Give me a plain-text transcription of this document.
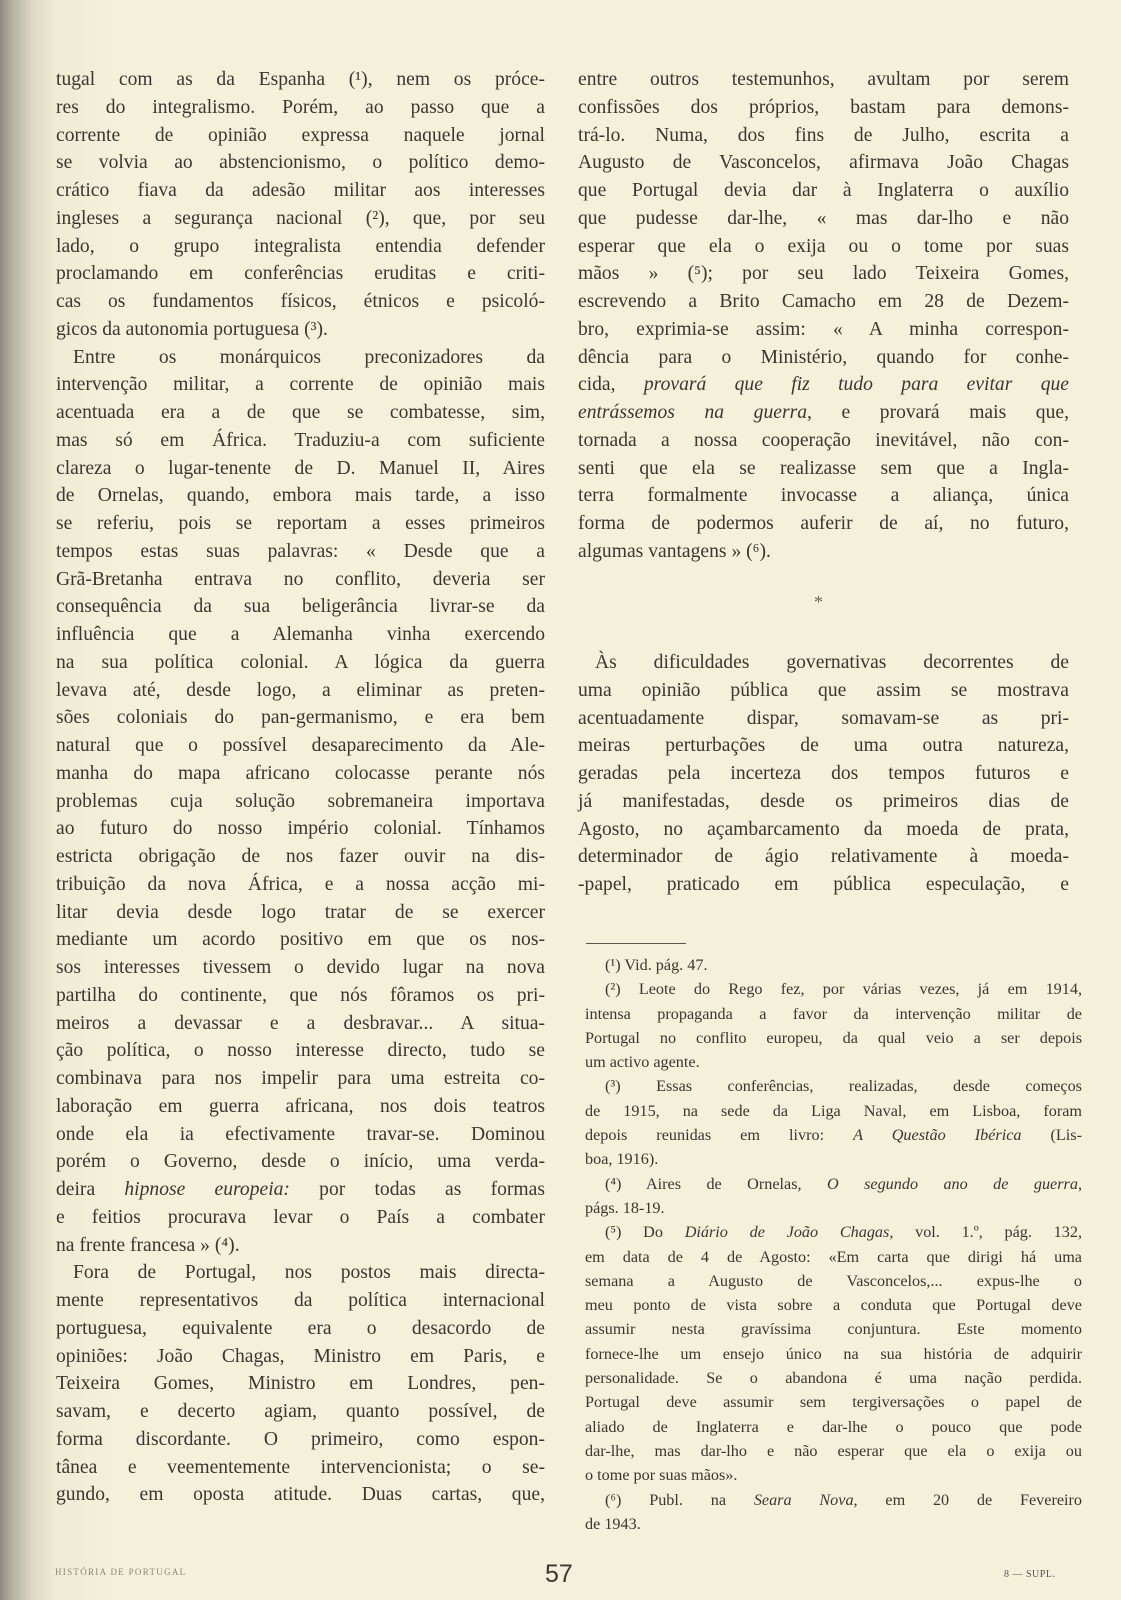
tugal com as da Espanha (¹), nem os próce-
res do integralismo. Porém, ao passo que a
corrente de opinião expressa naquele jornal
se volvia ao abstencionismo, o político demo-
crático fiava da adesão militar aos interesses
ingleses a segurança nacional (²), que, por seu
lado, o grupo integralista entendia defender
proclamando em conferências eruditas e criti-
cas os fundamentos físicos, étnicos e psicoló-
gicos da autonomia portuguesa (³).
Entre os monárquicos preconizadores da
intervenção militar, a corrente de opinião mais
acentuada era a de que se combatesse, sim,
mas só em África. Traduziu-a com suficiente
clareza o lugar-tenente de D. Manuel II, Aires
de Ornelas, quando, embora mais tarde, a isso
se referiu, pois se reportam a esses primeiros
tempos estas suas palavras: « Desde que a
Grã-Bretanha entrava no conflito, deveria ser
consequência da sua beligerância livrar-se da
influência que a Alemanha vinha exercendo
na sua política colonial. A lógica da guerra
levava até, desde logo, a eliminar as preten-
sões coloniais do pan-germanismo, e era bem
natural que o possível desaparecimento da Ale-
manha do mapa africano colocasse perante nós
problemas cuja solução sobremaneira importava
ao futuro do nosso império colonial. Tínhamos
estricta obrigação de nos fazer ouvir na dis-
tribuição da nova África, e a nossa acção mi-
litar devia desde logo tratar de se exercer
mediante um acordo positivo em que os nos-
sos interesses tivessem o devido lugar na nova
partilha do continente, que nós fôramos os pri-
meiros a devassar e a desbravar... A situa-
ção política, o nosso interesse directo, tudo se
combinava para nos impelir para uma estreita co-
laboração em guerra africana, nos dois teatros
onde ela ia efectivamente travar-se. Dominou
porém o Governo, desde o início, uma verda-
deira hipnose europeia: por todas as formas
e feitios procurava levar o País a combater
na frente francesa » (⁴).
Fora de Portugal, nos postos mais directa-
mente representativos da política internacional
portuguesa, equivalente era o desacordo de
opiniões: João Chagas, Ministro em Paris, e
Teixeira Gomes, Ministro em Londres, pen-
savam, e decerto agiam, quanto possível, de
forma discordante. O primeiro, como espon-
tânea e veementemente intervencionista; o se-
gundo, em oposta atitude. Duas cartas, que,
entre outros testemunhos, avultam por serem
confissões dos próprios, bastam para demons-
trá-lo. Numa, dos fins de Julho, escrita a
Augusto de Vasconcelos, afirmava João Chagas
que Portugal devia dar à Inglaterra o auxílio
que pudesse dar-lhe, « mas dar-lho e não
esperar que ela o exija ou o tome por suas
mãos » (⁵); por seu lado Teixeira Gomes,
escrevendo a Brito Camacho em 28 de Dezem-
bro, exprimia-se assim: « A minha correspon-
dência para o Ministério, quando for conhe-
cida, provará que fiz tudo para evitar que
entrássemos na guerra, e provará mais que,
tornada a nossa cooperação inevitável, não con-
senti que ela se realizasse sem que a Ingla-
terra formalmente invocasse a aliança, única
forma de podermos auferir de aí, no futuro,
algumas vantagens » (⁶).
*
Às dificuldades governativas decorrentes de
uma opinião pública que assim se mostrava
acentuadamente dispar, somavam-se as pri-
meiras perturbações de uma outra natureza,
geradas pela incerteza dos tempos futuros e
já manifestadas, desde os primeiros dias de
Agosto, no açambarcamento da moeda de prata,
determinador de ágio relativamente à moeda-
-papel, praticado em pública especulação, e
(¹) Vid. pág. 47.
(²) Leote do Rego fez, por várias vezes, já em 1914,
intensa propaganda a favor da intervenção militar de
Portugal no conflito europeu, da qual veio a ser depois
um activo agente.
(³) Essas conferências, realizadas, desde começos
de 1915, na sede da Liga Naval, em Lisboa, foram
depois reunidas em livro: A Questão Ibérica (Lis-
boa, 1916).
(⁴) Aires de Ornelas, O segundo ano de guerra,
págs. 18-19.
(⁵) Do Diário de João Chagas, vol. 1.º, pág. 132,
em data de 4 de Agosto: «Em carta que dirigi há uma
semana a Augusto de Vasconcelos,... expus-lhe o
meu ponto de vista sobre a conduta que Portugal deve
assumir nesta gravíssima conjuntura. Este momento
fornece-lhe um ensejo único na sua história de adquirir
personalidade. Se o abandona é uma nação perdida.
Portugal deve assumir sem tergiversações o papel de
aliado de Inglaterra e dar-lhe o pouco que pode
dar-lhe, mas dar-lho e não esperar que ela o exija ou
o tome por suas mãos».
(⁶) Publ. na Seara Nova, em 20 de Fevereiro
de 1943.
HISTÓRIA DE PORTUGAL	57	8 — SUPL.
